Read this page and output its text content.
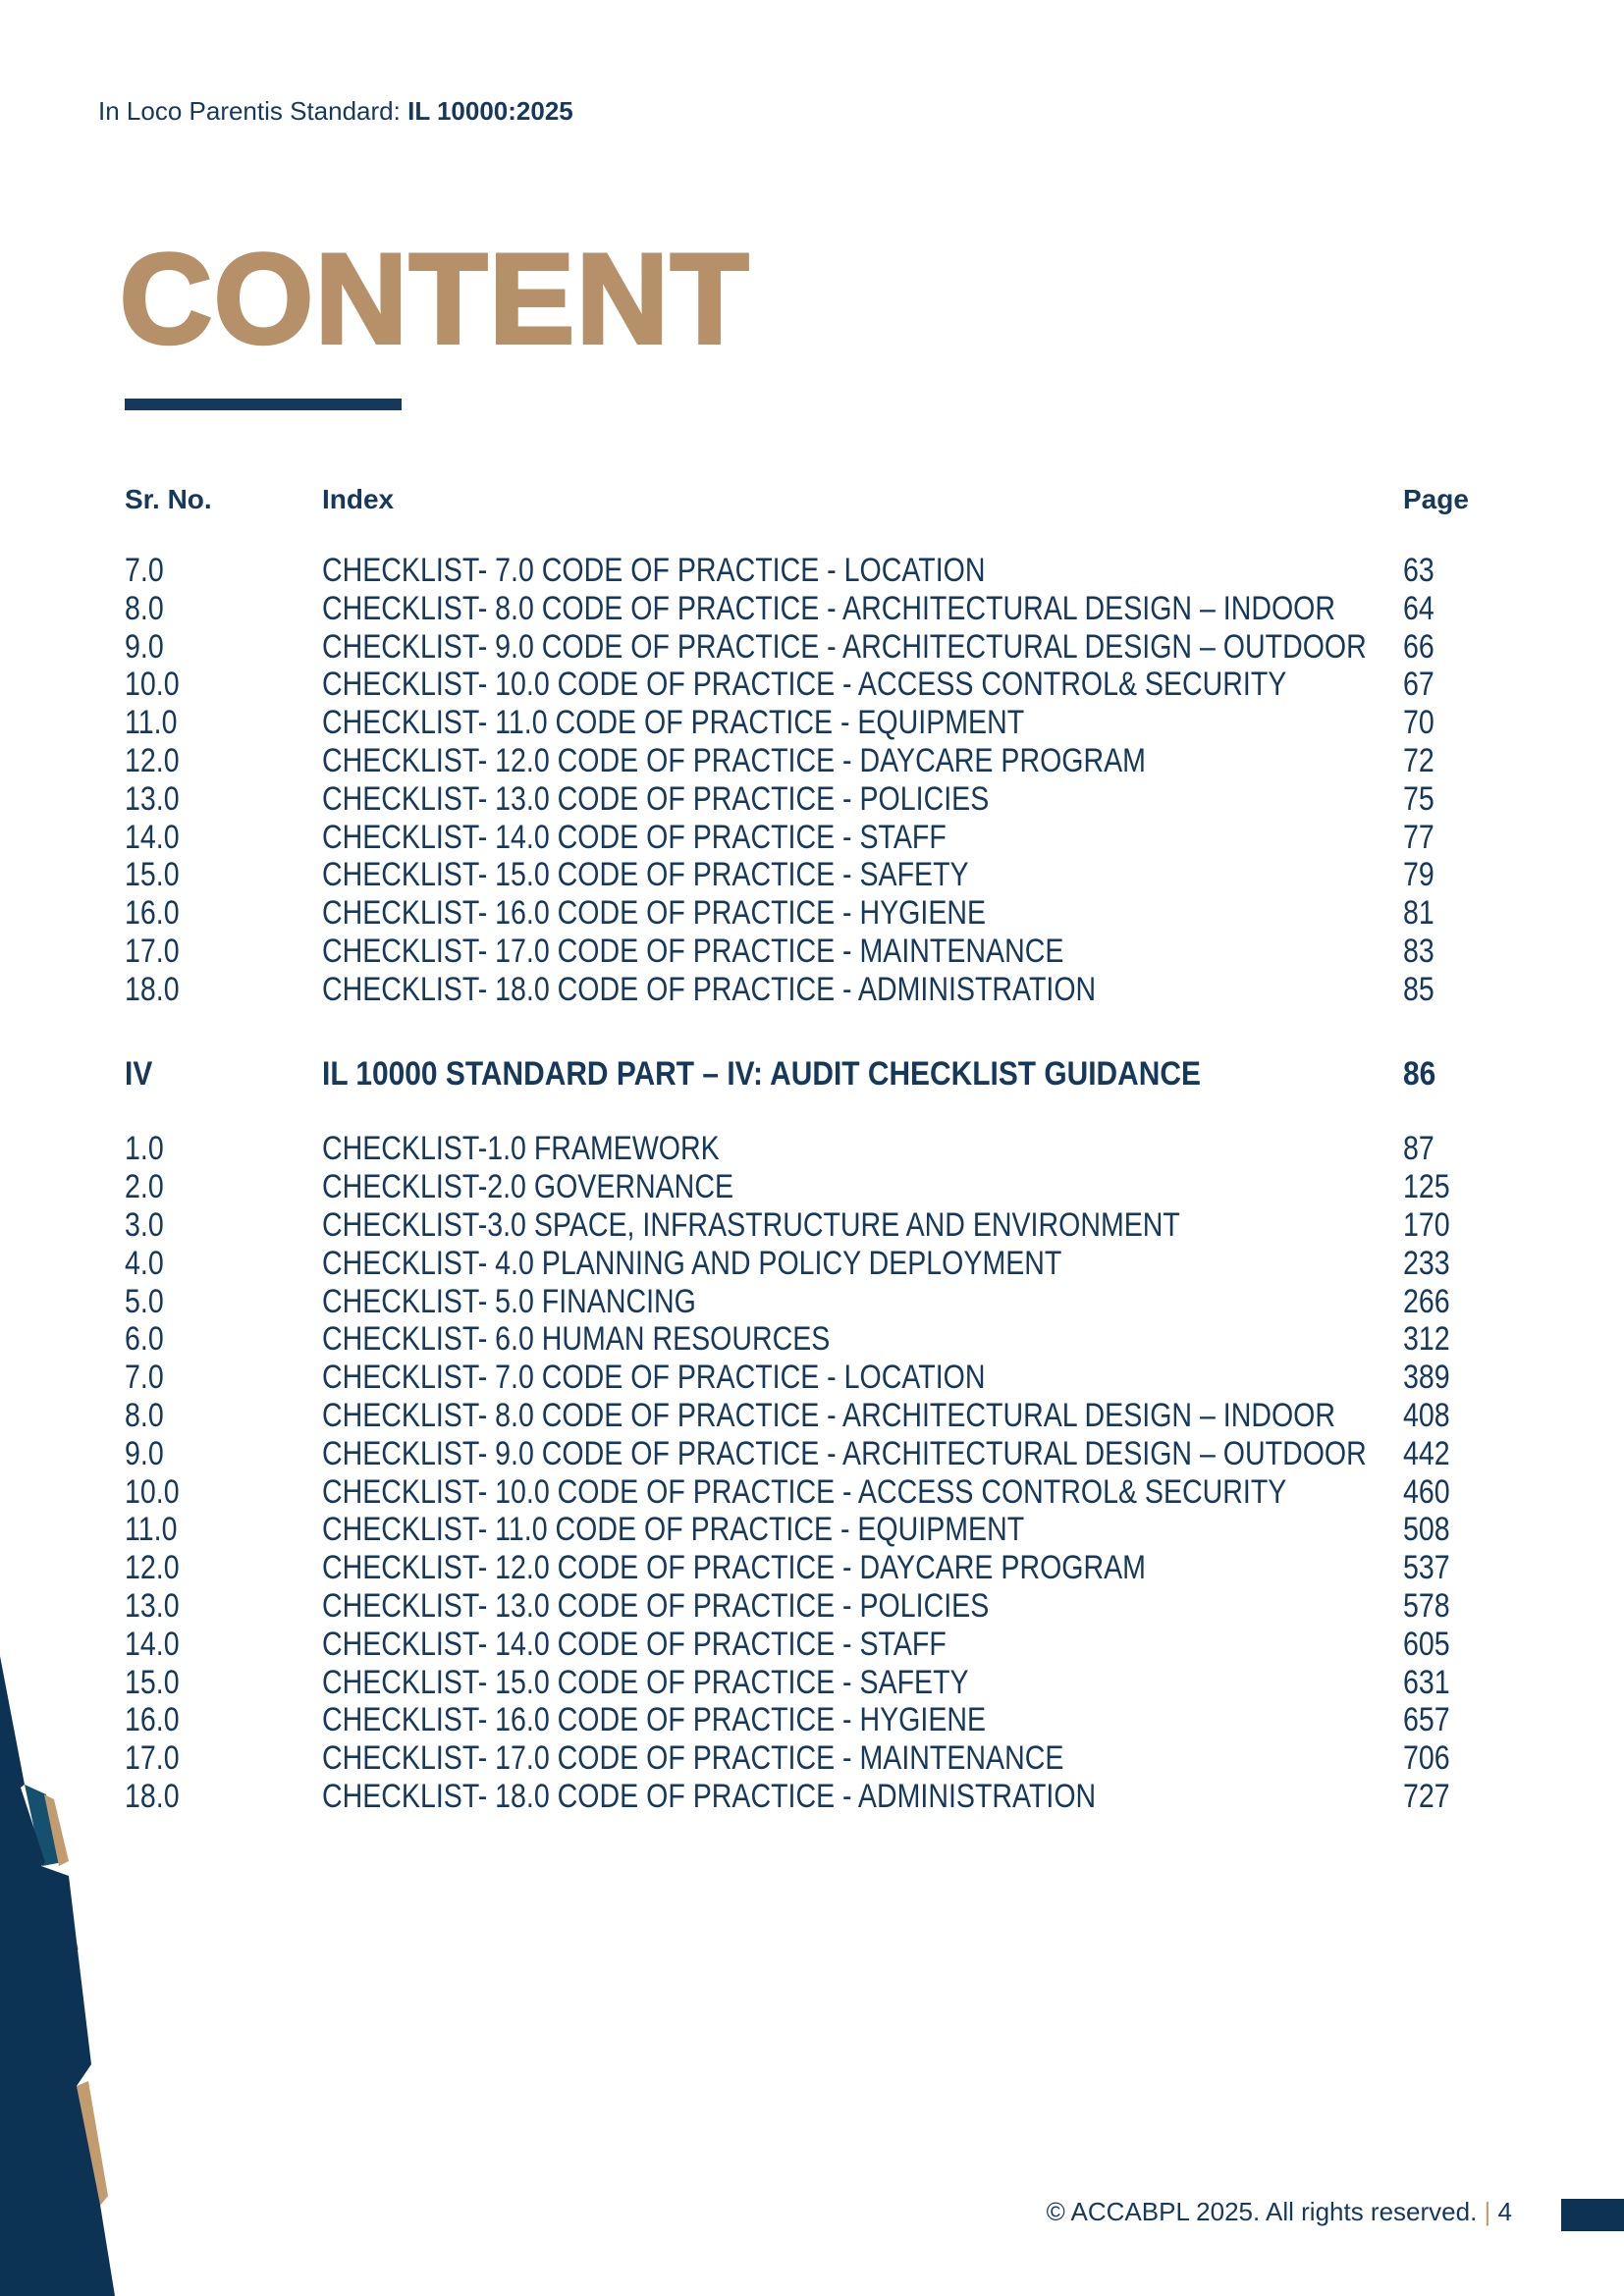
In Loco Parentis Standard: IL 10000:2025
CONTENT
Sr. No.	Index	Page
7.0	CHECKLIST- 7.0 CODE OF PRACTICE - LOCATION	63
8.0	CHECKLIST- 8.0 CODE OF PRACTICE - ARCHITECTURAL DESIGN – INDOOR	64
9.0	CHECKLIST- 9.0 CODE OF PRACTICE - ARCHITECTURAL DESIGN – OUTDOOR	66
10.0	CHECKLIST- 10.0 CODE OF PRACTICE - ACCESS CONTROL& SECURITY	67
11.0	CHECKLIST- 11.0 CODE OF PRACTICE - EQUIPMENT	70
12.0	CHECKLIST- 12.0 CODE OF PRACTICE - DAYCARE PROGRAM	72
13.0	CHECKLIST- 13.0 CODE OF PRACTICE - POLICIES	75
14.0	CHECKLIST- 14.0 CODE OF PRACTICE - STAFF	77
15.0	CHECKLIST- 15.0 CODE OF PRACTICE - SAFETY	79
16.0	CHECKLIST- 16.0 CODE OF PRACTICE - HYGIENE	81
17.0	CHECKLIST- 17.0 CODE OF PRACTICE - MAINTENANCE	83
18.0	CHECKLIST- 18.0 CODE OF PRACTICE - ADMINISTRATION	85
IV	IL 10000 STANDARD PART – IV: AUDIT CHECKLIST GUIDANCE	86
1.0	CHECKLIST-1.0 FRAMEWORK	87
2.0	CHECKLIST-2.0 GOVERNANCE	125
3.0	CHECKLIST-3.0 SPACE, INFRASTRUCTURE AND ENVIRONMENT	170
4.0	CHECKLIST- 4.0 PLANNING AND POLICY DEPLOYMENT	233
5.0	CHECKLIST- 5.0 FINANCING	266
6.0	CHECKLIST- 6.0 HUMAN RESOURCES	312
7.0	CHECKLIST- 7.0 CODE OF PRACTICE - LOCATION	389
8.0	CHECKLIST- 8.0 CODE OF PRACTICE - ARCHITECTURAL DESIGN – INDOOR	408
9.0	CHECKLIST- 9.0 CODE OF PRACTICE - ARCHITECTURAL DESIGN – OUTDOOR	442
10.0	CHECKLIST- 10.0 CODE OF PRACTICE - ACCESS CONTROL& SECURITY	460
11.0	CHECKLIST- 11.0 CODE OF PRACTICE - EQUIPMENT	508
12.0	CHECKLIST- 12.0 CODE OF PRACTICE - DAYCARE PROGRAM	537
13.0	CHECKLIST- 13.0 CODE OF PRACTICE - POLICIES	578
14.0	CHECKLIST- 14.0 CODE OF PRACTICE - STAFF	605
15.0	CHECKLIST- 15.0 CODE OF PRACTICE - SAFETY	631
16.0	CHECKLIST- 16.0 CODE OF PRACTICE - HYGIENE	657
17.0	CHECKLIST- 17.0 CODE OF PRACTICE - MAINTENANCE	706
18.0	CHECKLIST- 18.0 CODE OF PRACTICE - ADMINISTRATION	727
© ACCABPL 2025. All rights reserved. | 4
